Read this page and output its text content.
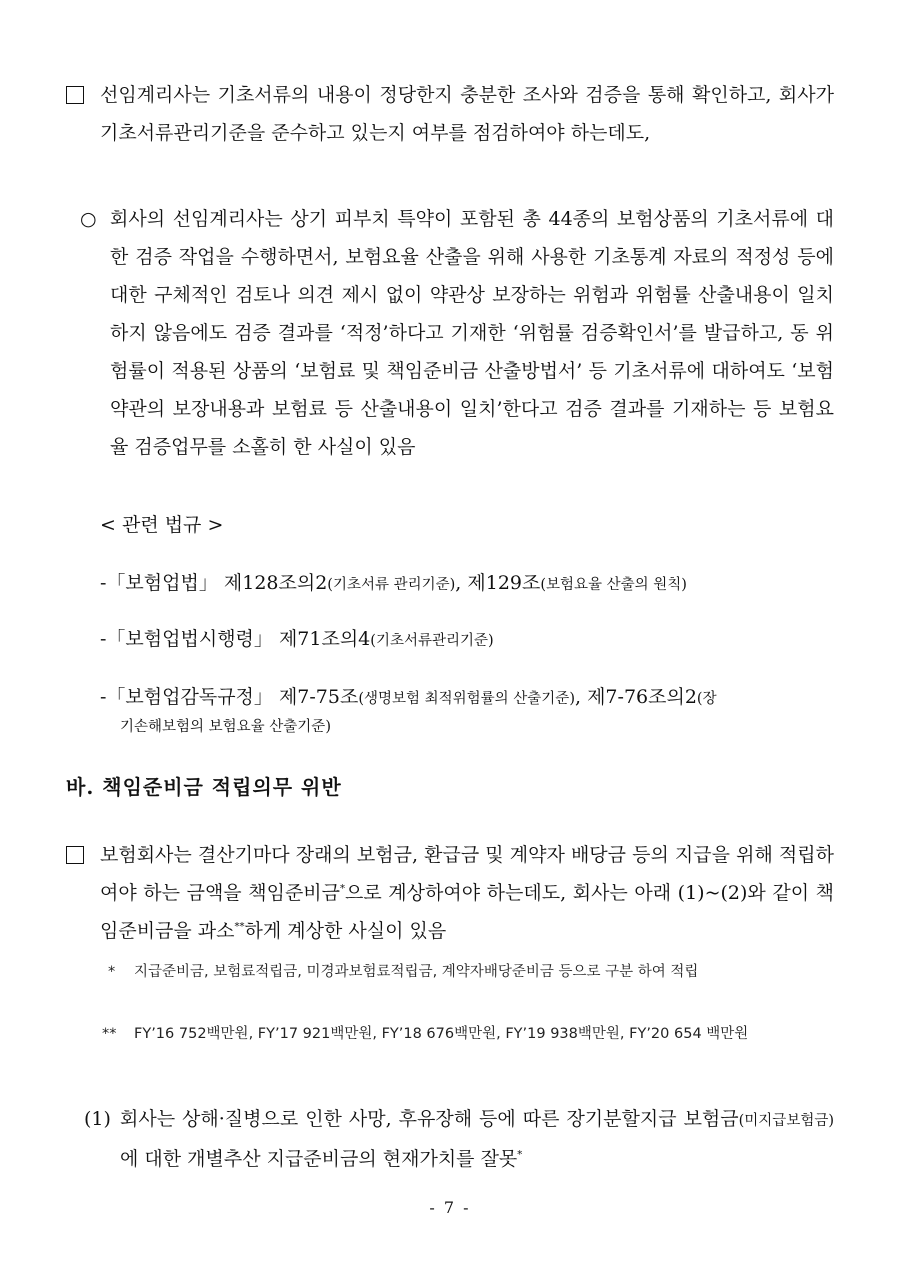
선임계리사는 기초서류의 내용이 정당한지 충분한 조사와 검증을 통해 확인하고, 회사가 기초서류관리기준을 준수하고 있는지 여부를 점검하여야 하는데도,

○ 회사의 선임계리사는 상기 피부치 특약이 포함된 총 44종의 보험상품의 기초서류에 대한 검증 작업을 수행하면서, 보험요율 산출을 위해 사용한 기초통계 자료의 적정성 등에 대한 구체적인 검토나 의견 제시 없이 약관상 보장하는 위험과 위험률 산출내용이 일치하지 않음에도 검증 결과를 ‘적정’하다고 기재한 ‘위험률 검증확인서’를 발급하고, 동 위험률이 적용된 상품의 ‘보험료 및 책임준비금 산출방법서’ 등 기초서류에 대하여도 ‘보험약관의 보장내용과 보험료 등 산출내용이 일치’한다고 검증 결과를 기재하는 등 보험요율 검증업무를 소홀히 한 사실이 있음

< 관련 법규 >
-「보험업법」 제128조의2(기초서류 관리기준), 제129조(보험요율 산출의 원칙)
-「보험업법시행령」 제71조의4(기초서류관리기준)
-「보험업감독규정」 제7-75조(생명보험 최적위험률의 산출기준), 제7-76조의2(장
기손해보험의 보험요율 산출기준)
바. 책임준비금 적립의무 위반

보험회사는 결산기마다 장래의 보험금, 환급금 및 계약자 배당금 등의 지급을 위해 적립하여야 하는 금액을 책임준비금*으로 계상하여야 하는데도, 회사는 아래 (1)~(2)와 같이 책임준비금을 과소**하게 계상한 사실이 있음

* 지급준비금, 보험료적립금, 미경과보험료적립금, 계약자배당준비금 등으로 구분 하여 적립
** FY’16 752백만원, FY’17 921백만원, FY’18 676백만원, FY’19 938백만원, FY’20 654 백만원
(1) 회사는 상해·질병으로 인한 사망, 후유장해 등에 따른 장기분할지급 보험금(미지급보험금)에 대한 개별추산 지급준비금의 현재가치를 잘못*

- 7 -
